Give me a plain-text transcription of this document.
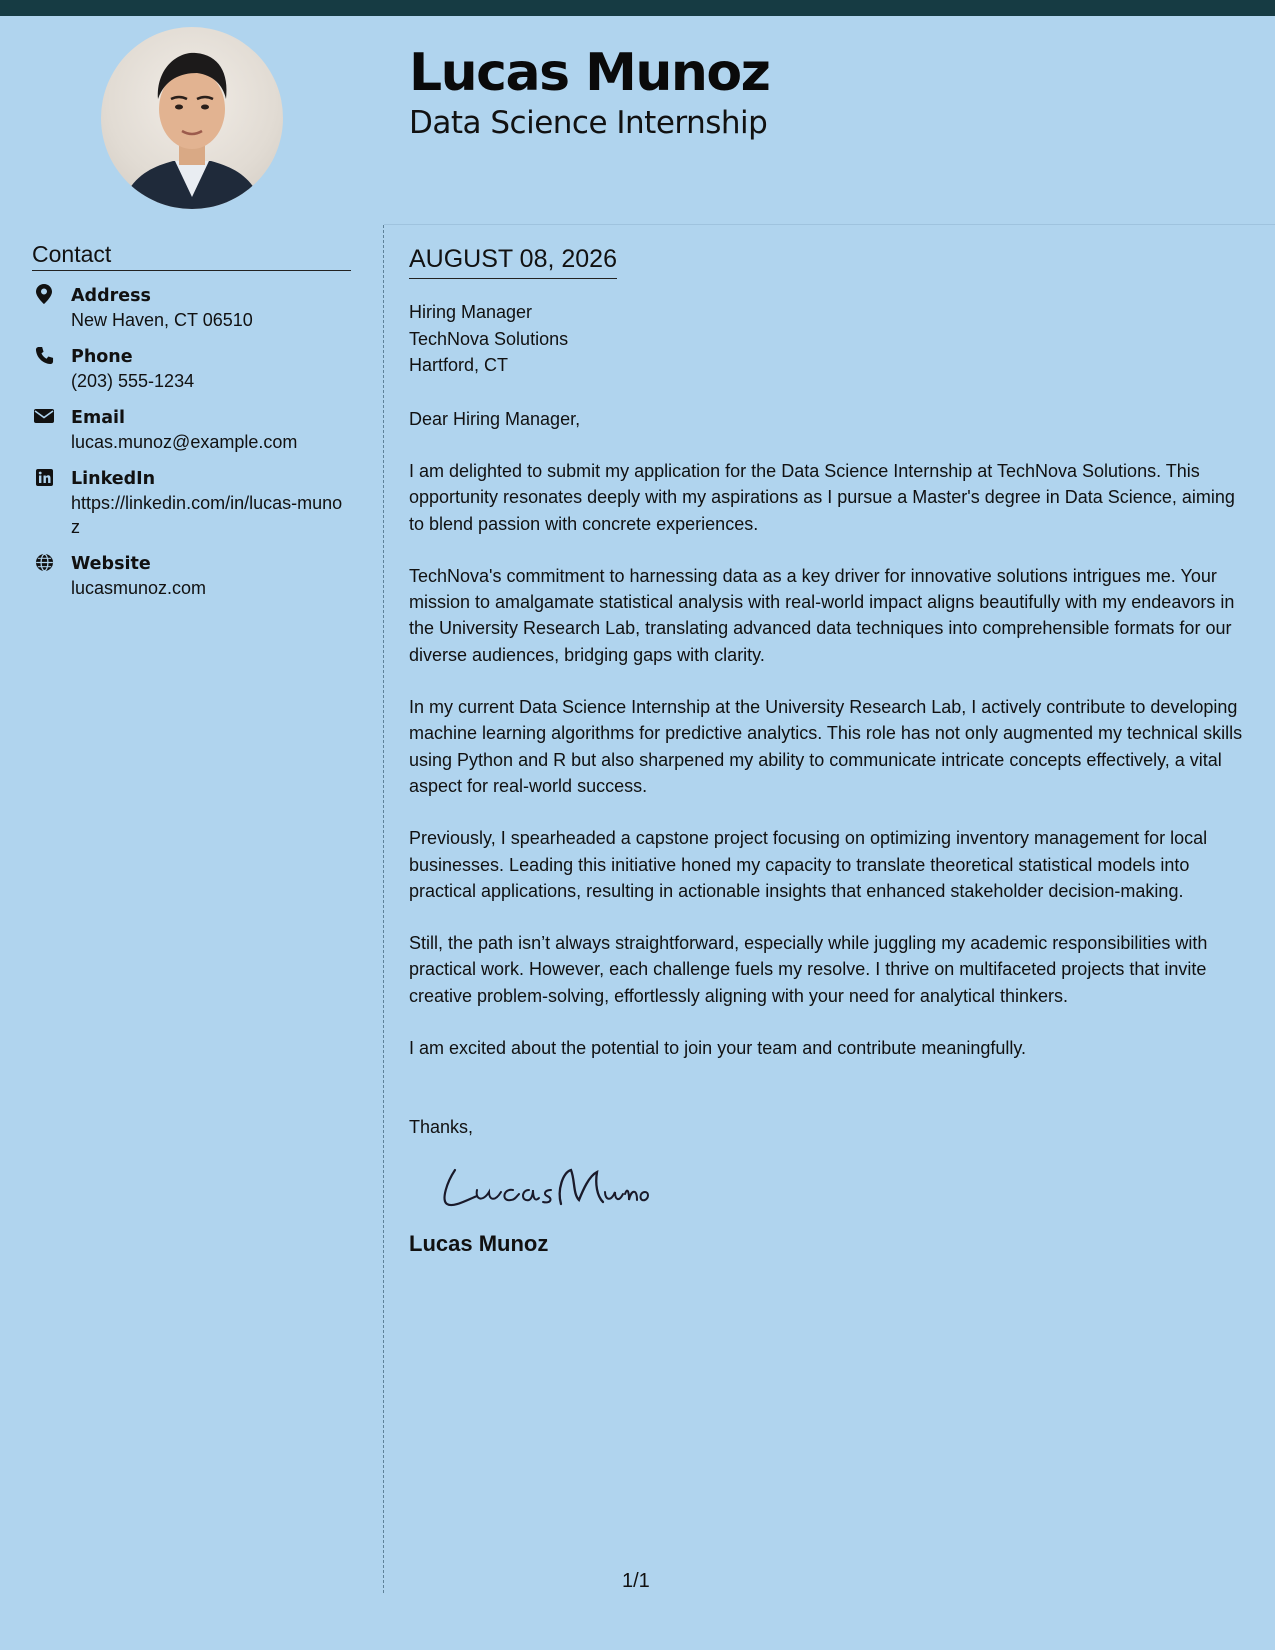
Lucas Munoz
Data Science Internship
Contact
Address
New Haven, CT 06510
Phone
(203) 555-1234
Email
lucas.munoz@example.com
LinkedIn
https://linkedin.com/in/lucas-munoz
Website
lucasmunoz.com
AUGUST 08, 2026
Hiring Manager
TechNova Solutions
Hartford, CT
Dear Hiring Manager,

I am delighted to submit my application for the Data Science Internship at TechNova Solutions. This opportunity resonates deeply with my aspirations as I pursue a Master's degree in Data Science, aiming to blend passion with concrete experiences.

TechNova's commitment to harnessing data as a key driver for innovative solutions intrigues me. Your mission to amalgamate statistical analysis with real-world impact aligns beautifully with my endeavors in the University Research Lab, translating advanced data techniques into comprehensible formats for our diverse audiences, bridging gaps with clarity.

In my current Data Science Internship at the University Research Lab, I actively contribute to developing machine learning algorithms for predictive analytics. This role has not only augmented my technical skills using Python and R but also sharpened my ability to communicate intricate concepts effectively, a vital aspect for real-world success.

Previously, I spearheaded a capstone project focusing on optimizing inventory management for local businesses. Leading this initiative honed my capacity to translate theoretical statistical models into practical applications, resulting in actionable insights that enhanced stakeholder decision-making.

Still, the path isn’t always straightforward, especially while juggling my academic responsibilities with practical work. However, each challenge fuels my resolve. I thrive on multifaceted projects that invite creative problem-solving, effortlessly aligning with your need for analytical thinkers.

I am excited about the potential to join your team and contribute meaningfully.

Thanks,
Lucas Munoz
1/1
